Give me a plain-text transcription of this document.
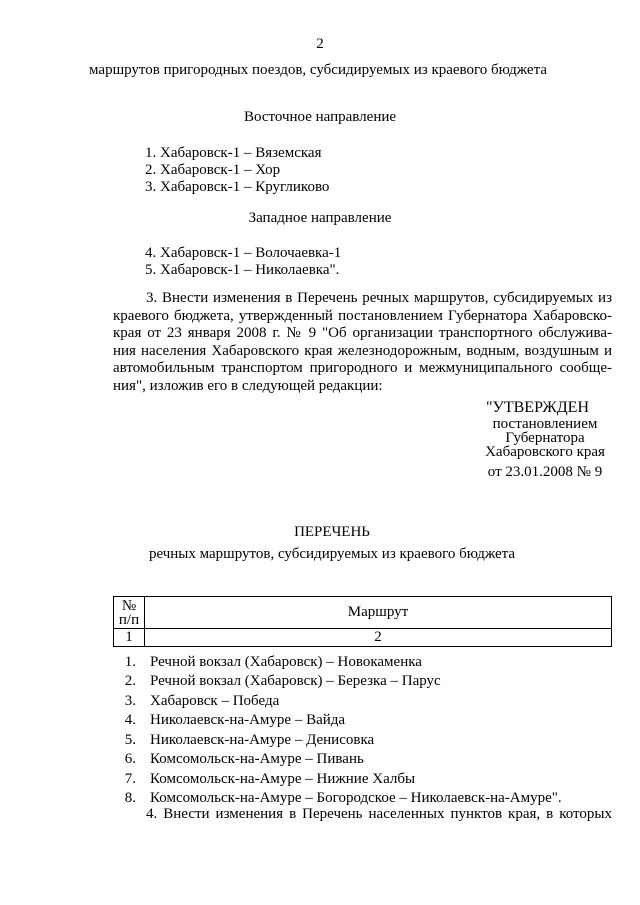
2
маршрутов пригородных поездов, субсидируемых из краевого бюджета
Восточное направление
1. Хабаровск-1 – Вяземская
2. Хабаровск-1 – Хор
3. Хабаровск-1 – Кругликово
Западное направление
4. Хабаровск-1 – Волочаевка-1
5. Хабаровск-1 – Николаевка".
3. Внести изменения в Перечень речных маршрутов, субсидируемых из
краевого бюджета, утвержденный постановлением Губернатора Хабаровско-
края от 23 января 2008 г. № 9 "Об организации транспортного обслужива-
ния населения Хабаровского края железнодорожным, водным, воздушным и
автомобильным транспортом пригородного и межмуниципального сообще-
ния", изложив его в следующей редакции:
"УТВЕРЖДЕН
постановлением
Губернатора
Хабаровского края
от 23.01.2008 № 9
ПЕРЕЧЕНЬ
речных маршрутов, субсидируемых из краевого бюджета
№
п/п	Маршрут
1	2
1. Речной вокзал (Хабаровск) – Новокаменка
2. Речной вокзал (Хабаровск) – Березка – Парус
3. Хабаровск – Победа
4. Николаевск-на-Амуре – Вайда
5. Николаевск-на-Амуре – Денисовка
6. Комсомольск-на-Амуре – Пивань
7. Комсомольск-на-Амуре – Нижние Халбы
8. Комсомольск-на-Амуре – Богородское – Николаевск-на-Амуре".
4. Внести изменения в Перечень населенных пунктов края, в которых
